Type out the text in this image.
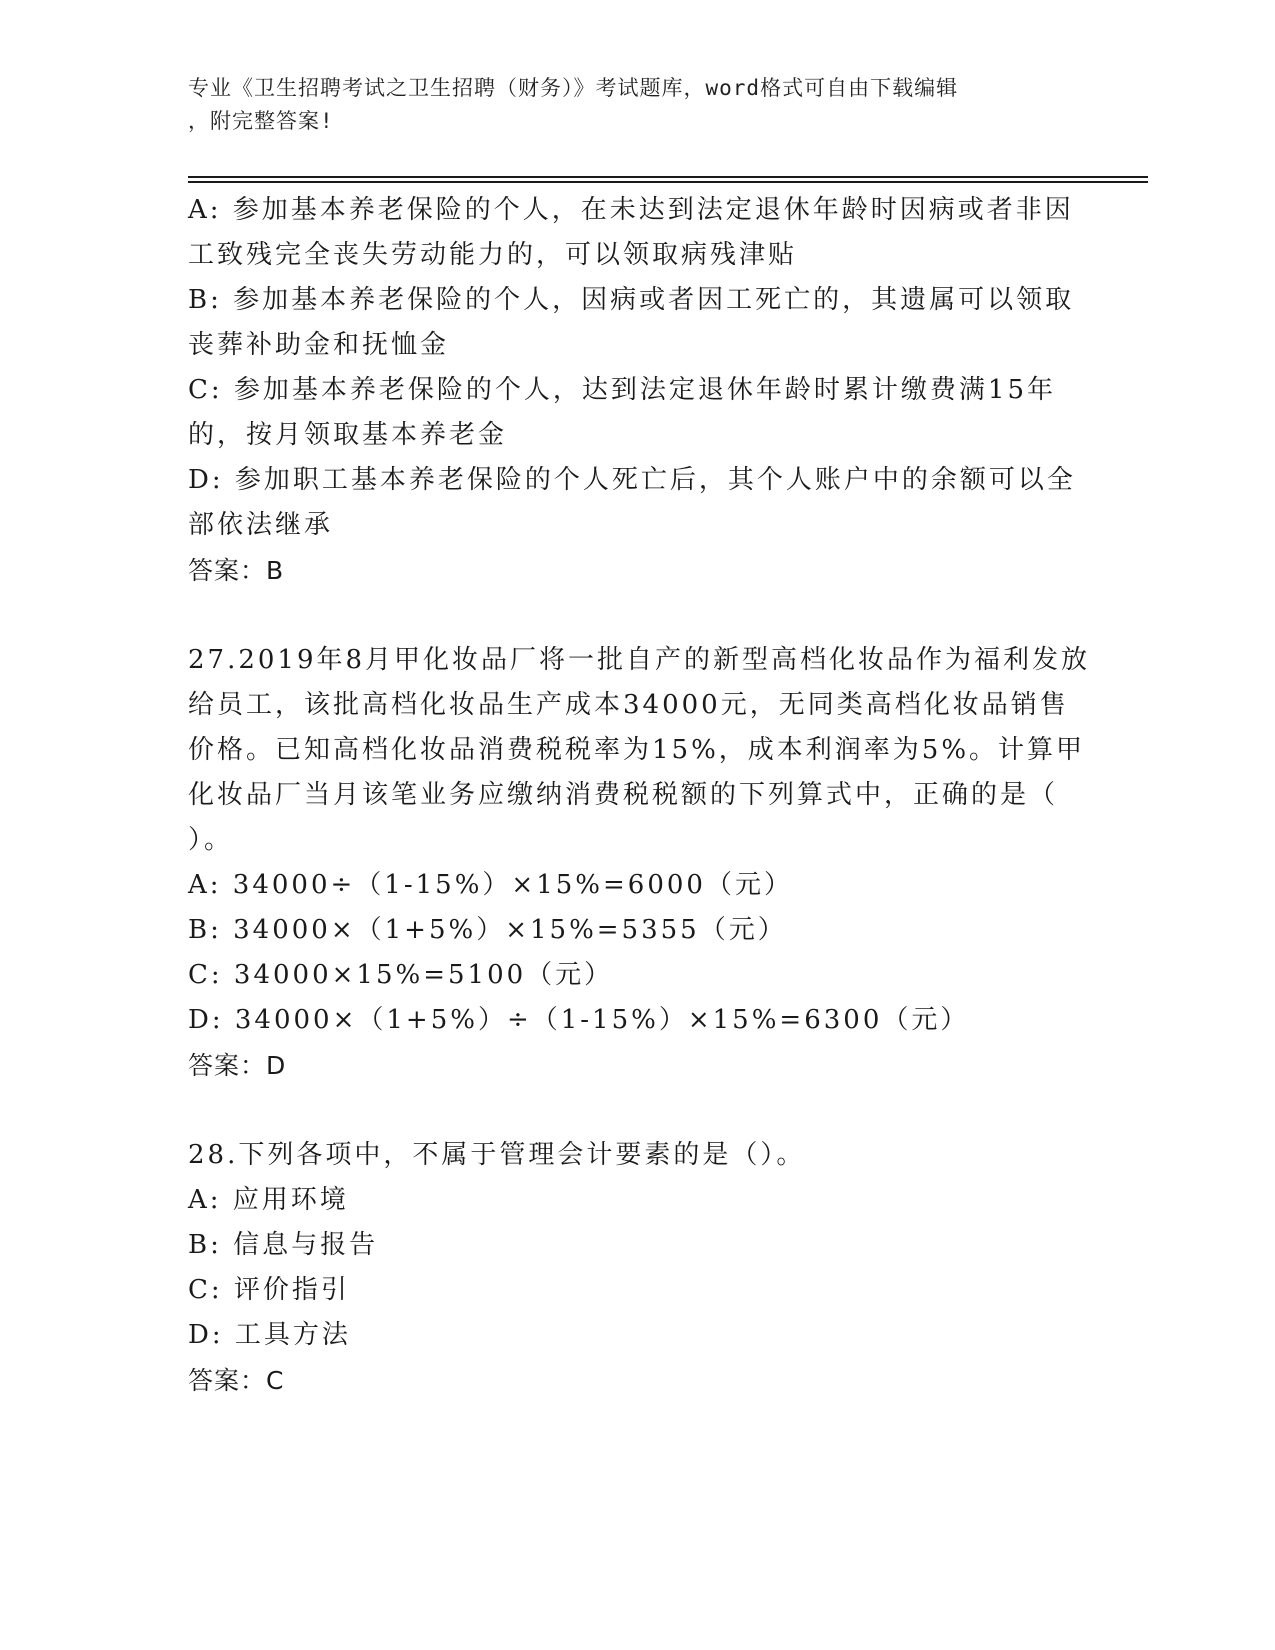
专业《卫生招聘考试之卫生招聘（财务）》考试题库，word格式可自由下载编辑
，附完整答案!

A: 参加基本养老保险的个人，在未达到法定退休年龄时因病或者非因

工致残完全丧失劳动能力的，可以领取病残津贴

B: 参加基本养老保险的个人，因病或者因工死亡的，其遗属可以领取

丧葬补助金和抚恤金

C: 参加基本养老保险的个人，达到法定退休年龄时累计缴费满15年

的，按月领取基本养老金

D: 参加职工基本养老保险的个人死亡后，其个人账户中的余额可以全

部依法继承

答案：B

27.2019年8月甲化妆品厂将一批自产的新型高档化妆品作为福利发放

给员工，该批高档化妆品生产成本34000元，无同类高档化妆品销售

价格。已知高档化妆品消费税税率为15%，成本利润率为5%。计算甲

化妆品厂当月该笔业务应缴纳消费税税额的下列算式中，正确的是（

）。

A: 34000÷（1-15%）×15%=6000（元）

B: 34000×（1+5%）×15%=5355（元）

C: 34000×15%=5100（元）

D: 34000×（1+5%）÷（1-15%）×15%=6300（元）

答案：D

28.下列各项中，不属于管理会计要素的是（）。

A: 应用环境

B: 信息与报告

C: 评价指引

D: 工具方法

答案：C
